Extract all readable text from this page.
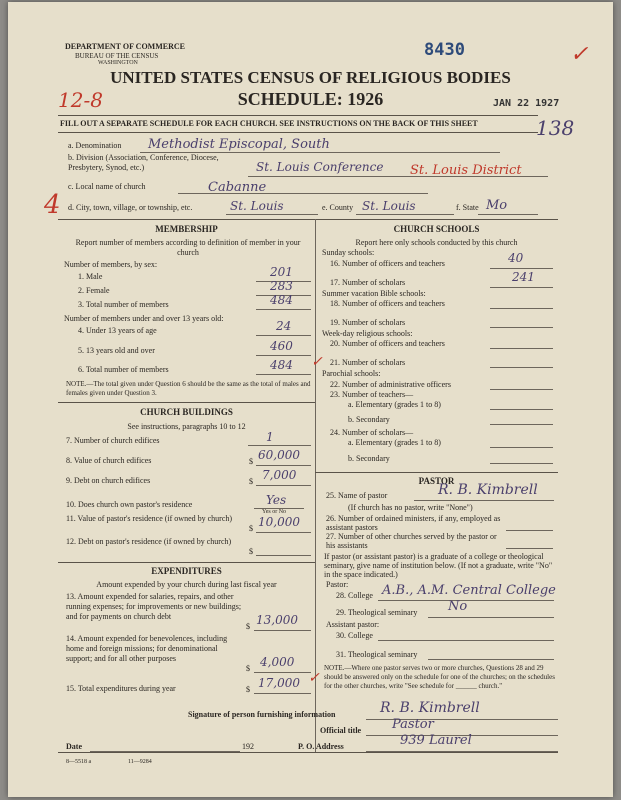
DEPARTMENT OF COMMERCE
BUREAU OF THE CENSUS
WASHINGTON
8430	✓
UNITED STATES CENSUS OF RELIGIOUS BODIES
SCHEDULE: 1926
12-8	JAN 22 1927
FILL OUT A SEPARATE SCHEDULE FOR EACH CHURCH. SEE INSTRUCTIONS ON THE BACK OF THIS SHEET	138
a. Denomination Methodist Episcopal, South
b. Division (Association, Conference, Diocese, Presbytery, Synod, etc.)	St. Louis Conference St. Louis District
c. Local name of church	Cabanne
4 d. City, town, village, or township, etc.	St. Louis	e. County St. Louis	f. State Mo
MEMBERSHIP
Report number of members according to definition of member in your church
Number of members, by sex:
1. Male	201
2. Female	283
3. Total number of members	484
Number of members under and over 13 years old:
4. Under 13 years of age	24
5. 13 years old and over	460
6. Total number of members	484 ✓
NOTE.—The total given under Question 6 should be the same as the total of males and females given under Question 3.
CHURCH BUILDINGS
See instructions, paragraphs 10 to 12
7. Number of church edifices	1
8. Value of church edifices	$ 60,000
9. Debt on church edifices	$ 7,000
10. Does church own pastor's residence	Yes
Yes or No
11. Value of pastor's residence (if owned by church)
$ 10,000
12. Debt on pastor's residence (if owned by church)
$
EXPENDITURES
Amount expended by your church during last fiscal year
13. Amount expended for salaries, repairs, and other running expenses; for improvements or new buildings; and for payments on church debt
$ 13,000
14. Amount expended for benevolences, including home and foreign missions; for denominational support; and for all other purposes
$ 4,000
15. Total expenditures during year	$ 17,000 ✓
CHURCH SCHOOLS
Report here only schools conducted by this church
Sunday schools:
16. Number of officers and teachers	40
17. Number of scholars	241
Summer vacation Bible schools:
18. Number of officers and teachers
19. Number of scholars
Week-day religious schools:
20. Number of officers and teachers
21. Number of scholars
Parochial schools:
22. Number of administrative officers
23. Number of teachers—
a. Elementary (grades 1 to 8)
b. Secondary
24. Number of scholars—
a. Elementary (grades 1 to 8)
b. Secondary
PASTOR
25. Name of pastor	R. B. Kimbrell
(If church has no pastor, write "None")
26. Number of ordained ministers, if any, employed as assistant pastors
27. Number of other churches served by the pastor or his assistants
If pastor (or assistant pastor) is a graduate of a college or theological seminary, give name of institution below. (If not a graduate, write "No" in the space indicated.)
Pastor:
28. College A.B., A.M. Central College
29. Theological seminary No
Assistant pastor:
30. College
31. Theological seminary
NOTE.—Where one pastor serves two or more churches, Questions 28 and 29 should be answered only on the schedule for one of the churches; on the schedules for the other churches, write "See schedule for ______ church."
Signature of person furnishing information	R. B. Kimbrell
Official title Pastor
Date	192	P. O. Address	939 Laurel
8—5518 a	11—9284
